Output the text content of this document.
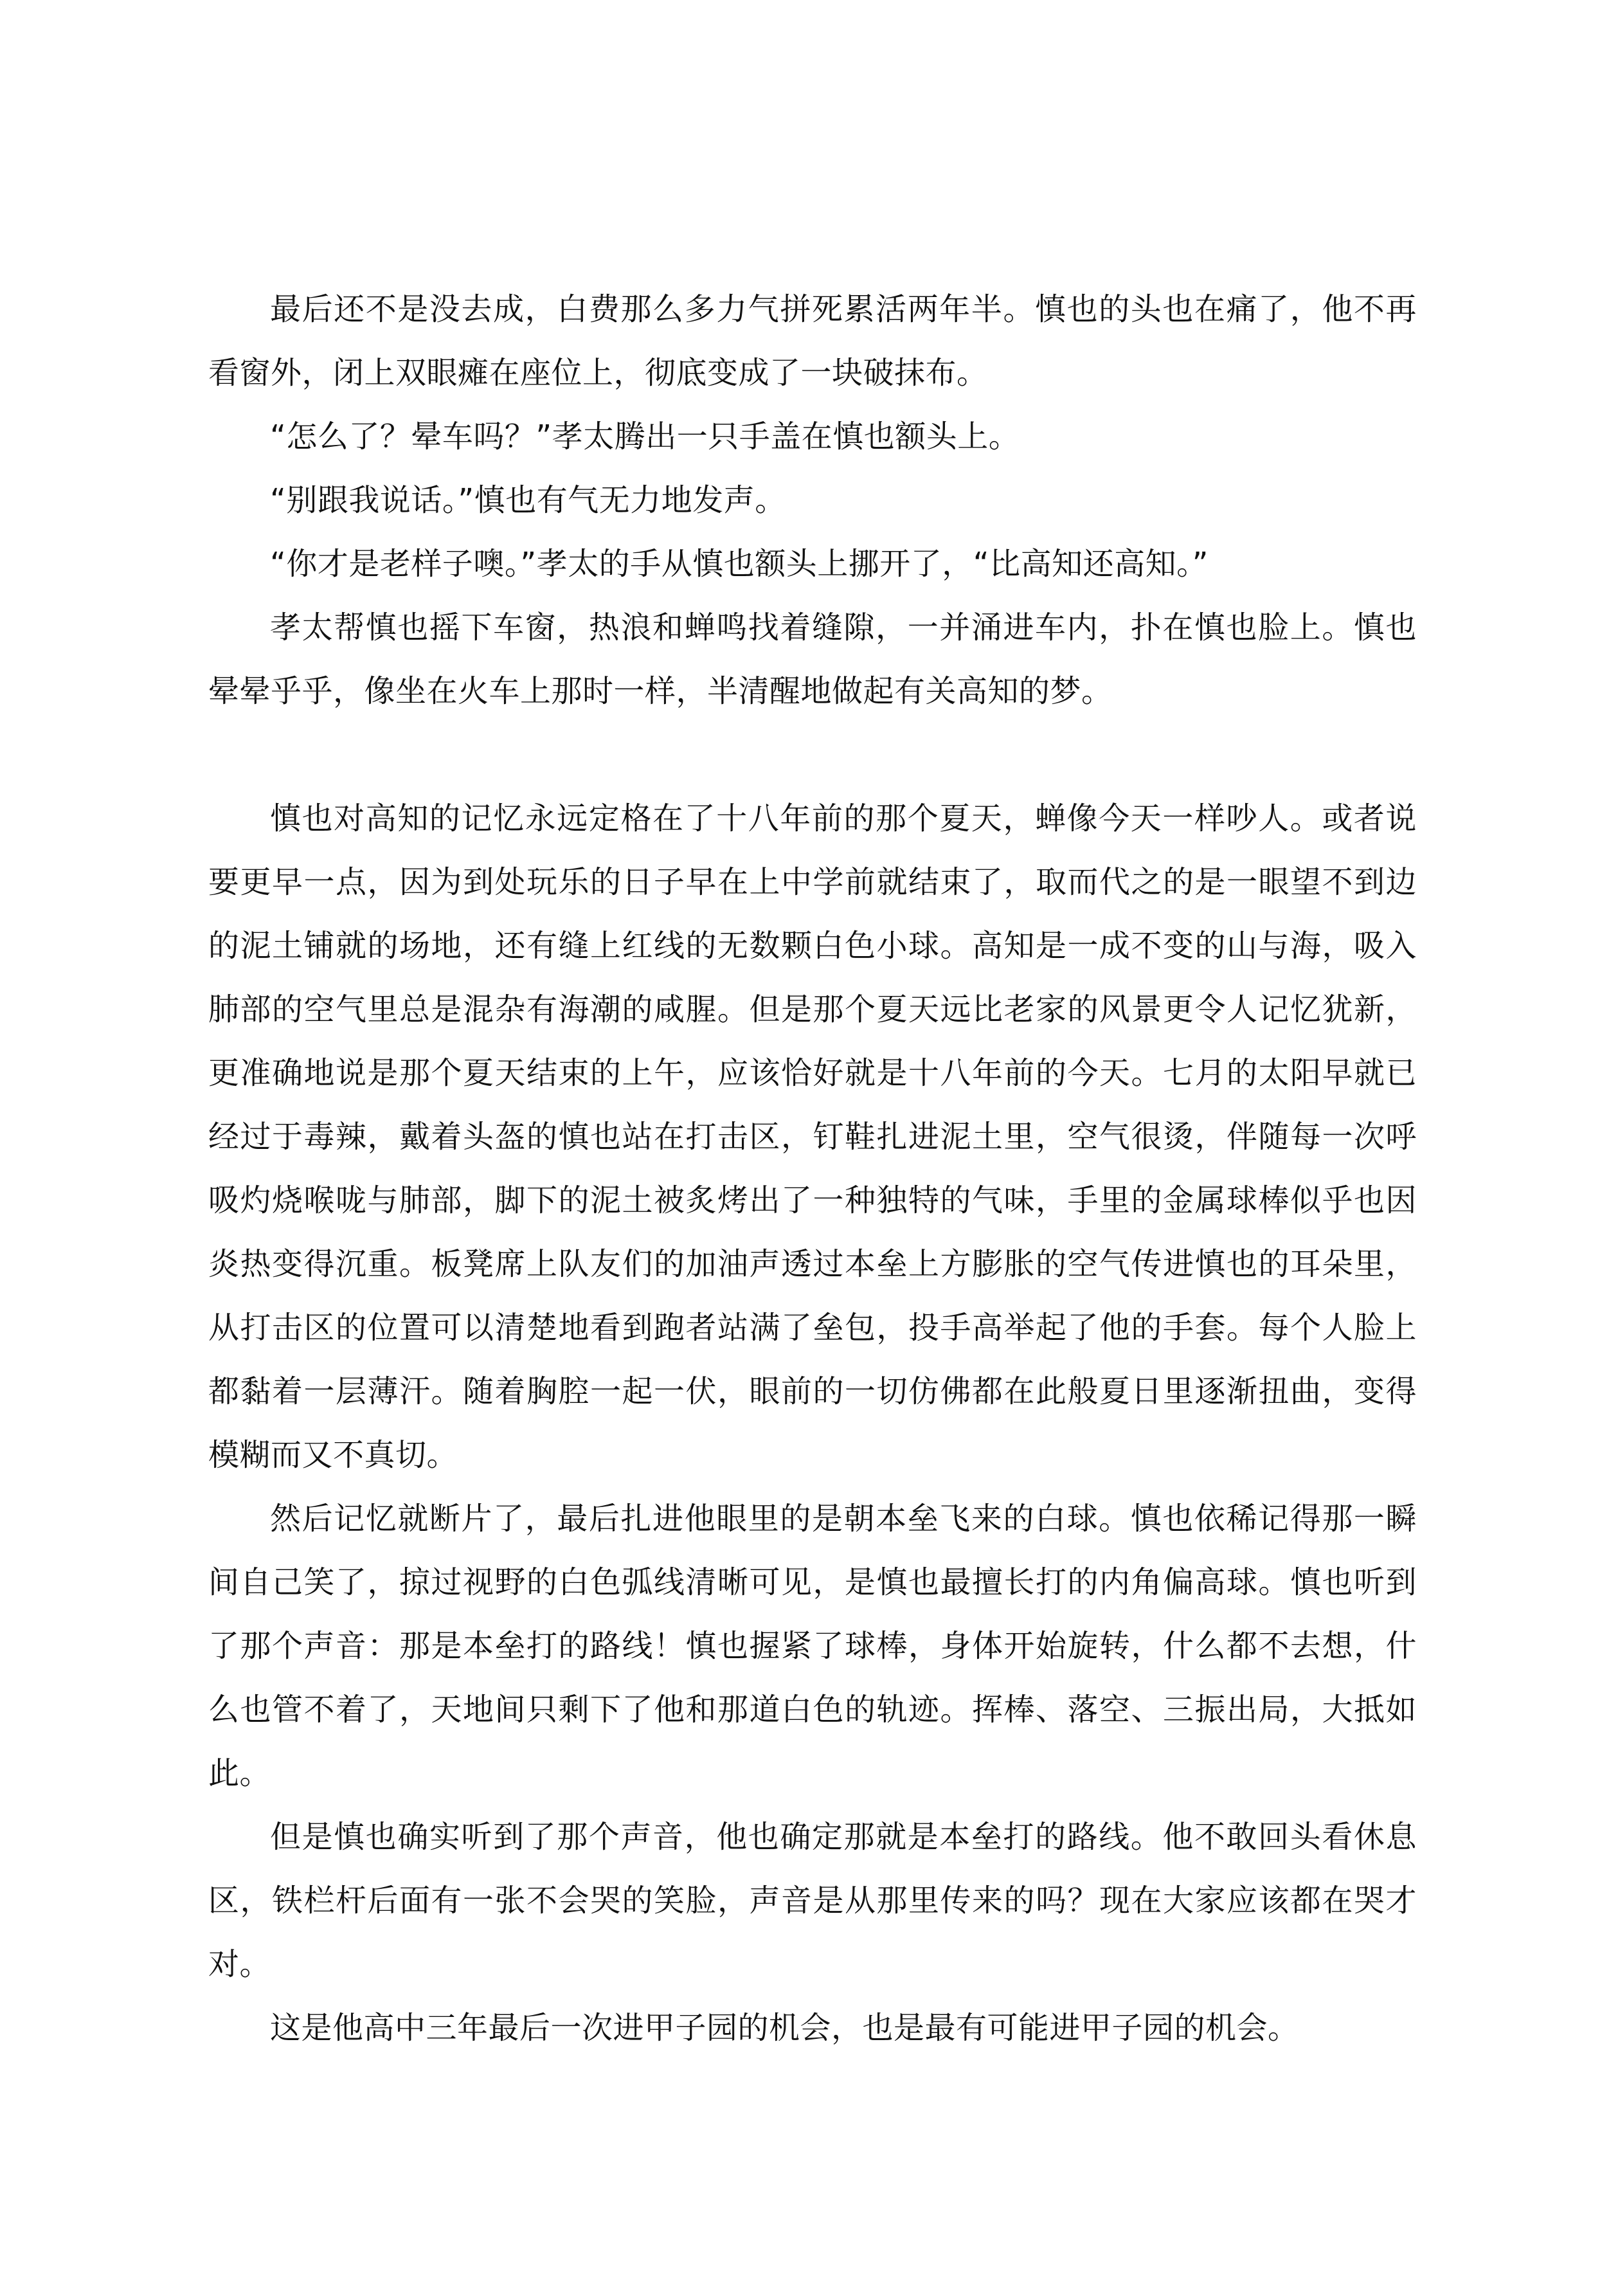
最后还不是没去成，白费那么多力气拼死累活两年半。慎也的头也在痛了，他不再看窗外，闭上双眼瘫在座位上，彻底变成了一块破抹布。

“怎么了？晕车吗？”孝太腾出一只手盖在慎也额头上。

“别跟我说话。”慎也有气无力地发声。

“你才是老样子噢。”孝太的手从慎也额头上挪开了，“比高知还高知。”

孝太帮慎也摇下车窗，热浪和蝉鸣找着缝隙，一并涌进车内，扑在慎也脸上。慎也晕晕乎乎，像坐在火车上那时一样，半清醒地做起有关高知的梦。

慎也对高知的记忆永远定格在了十八年前的那个夏天，蝉像今天一样吵人。或者说要更早一点，因为到处玩乐的日子早在上中学前就结束了，取而代之的是一眼望不到边的泥土铺就的场地，还有缝上红线的无数颗白色小球。高知是一成不变的山与海，吸入肺部的空气里总是混杂有海潮的咸腥。但是那个夏天远比老家的风景更令人记忆犹新，更准确地说是那个夏天结束的上午，应该恰好就是十八年前的今天。七月的太阳早就已经过于毒辣，戴着头盔的慎也站在打击区，钉鞋扎进泥土里，空气很烫，伴随每一次呼吸灼烧喉咙与肺部，脚下的泥土被炙烤出了一种独特的气味，手里的金属球棒似乎也因炎热变得沉重。板凳席上队友们的加油声透过本垒上方膨胀的空气传进慎也的耳朵里，从打击区的位置可以清楚地看到跑者站满了垒包，投手高举起了他的手套。每个人脸上都黏着一层薄汗。随着胸腔一起一伏，眼前的一切仿佛都在此般夏日里逐渐扭曲，变得模糊而又不真切。

然后记忆就断片了，最后扎进他眼里的是朝本垒飞来的白球。慎也依稀记得那一瞬间自己笑了，掠过视野的白色弧线清晰可见，是慎也最擅长打的内角偏高球。慎也听到了那个声音：那是本垒打的路线！慎也握紧了球棒，身体开始旋转，什么都不去想，什么也管不着了，天地间只剩下了他和那道白色的轨迹。挥棒、落空、三振出局，大抵如此。

但是慎也确实听到了那个声音，他也确定那就是本垒打的路线。他不敢回头看休息区，铁栏杆后面有一张不会哭的笑脸，声音是从那里传来的吗？现在大家应该都在哭才对。

这是他高中三年最后一次进甲子园的机会，也是最有可能进甲子园的机会。
